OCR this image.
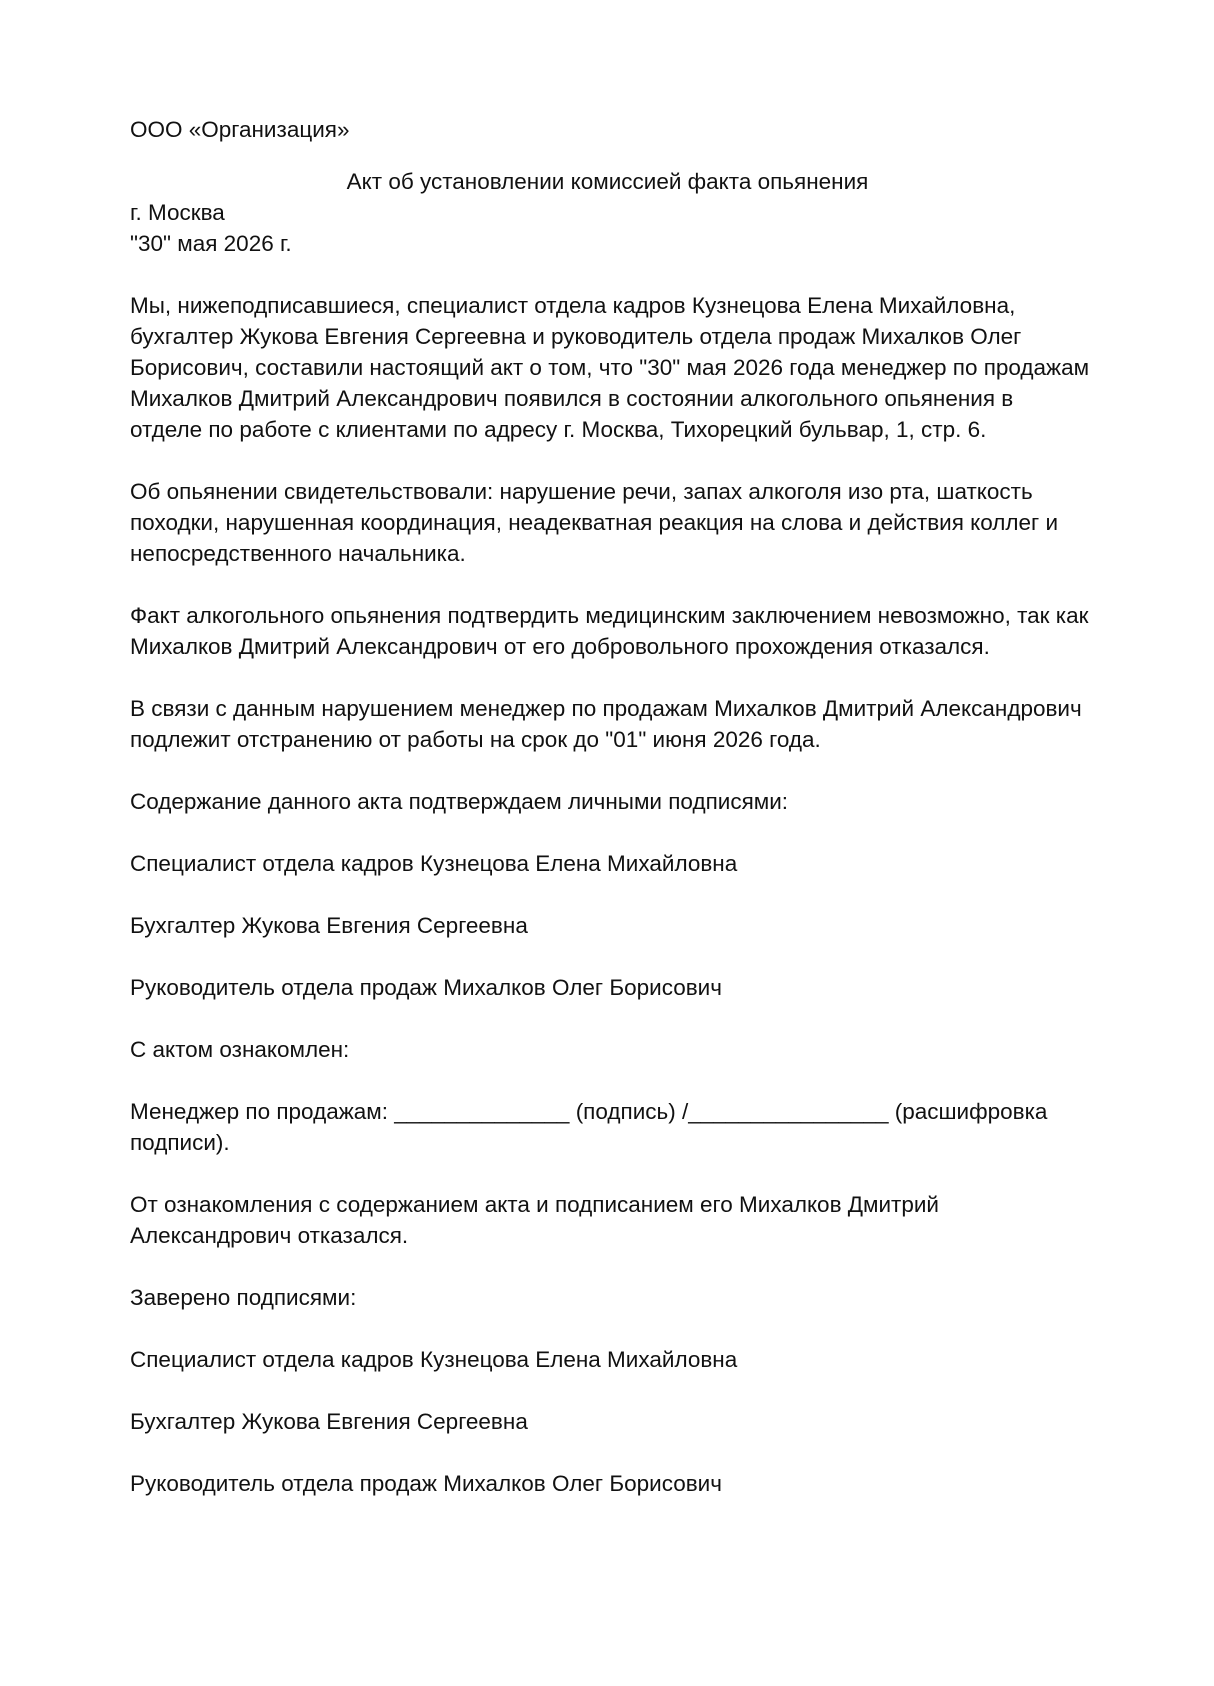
ООО «Организация»

Акт об установлении комиссией факта опьянения

г. Москва

"30" мая 2026 г.

Мы, нижеподписавшиеся, специалист отдела кадров Кузнецова Елена Михайловна, бухгалтер Жукова Евгения Сергеевна и руководитель отдела продаж Михалков Олег Борисович, составили настоящий акт о том, что "30" мая 2026 года менеджер по продажам Михалков Дмитрий Александрович появился в состоянии алкогольного опьянения в отделе по работе с клиентами по адресу г. Москва, Тихорецкий бульвар, 1, стр. 6.

Об опьянении свидетельствовали: нарушение речи, запах алкоголя изо рта, шаткость походки, нарушенная координация, неадекватная реакция на слова и действия коллег и непосредственного начальника.

Факт алкогольного опьянения подтвердить медицинским заключением невозможно, так как Михалков Дмитрий Александрович от его добровольного прохождения отказался.

В связи с данным нарушением менеджер по продажам Михалков Дмитрий Александрович подлежит отстранению от работы на срок до "01" июня 2026 года.

Содержание данного акта подтверждаем личными подписями:

Специалист отдела кадров Кузнецова Елена Михайловна

Бухгалтер Жукова Евгения Сергеевна

Руководитель отдела продаж Михалков Олег Борисович

С актом ознакомлен:

Менеджер по продажам: ______________ (подпись) /________________ (расшифровка подписи).

От ознакомления с содержанием акта и подписанием его Михалков Дмитрий Александрович отказался.

Заверено подписями:

Специалист отдела кадров Кузнецова Елена Михайловна

Бухгалтер Жукова Евгения Сергеевна

Руководитель отдела продаж Михалков Олег Борисович
